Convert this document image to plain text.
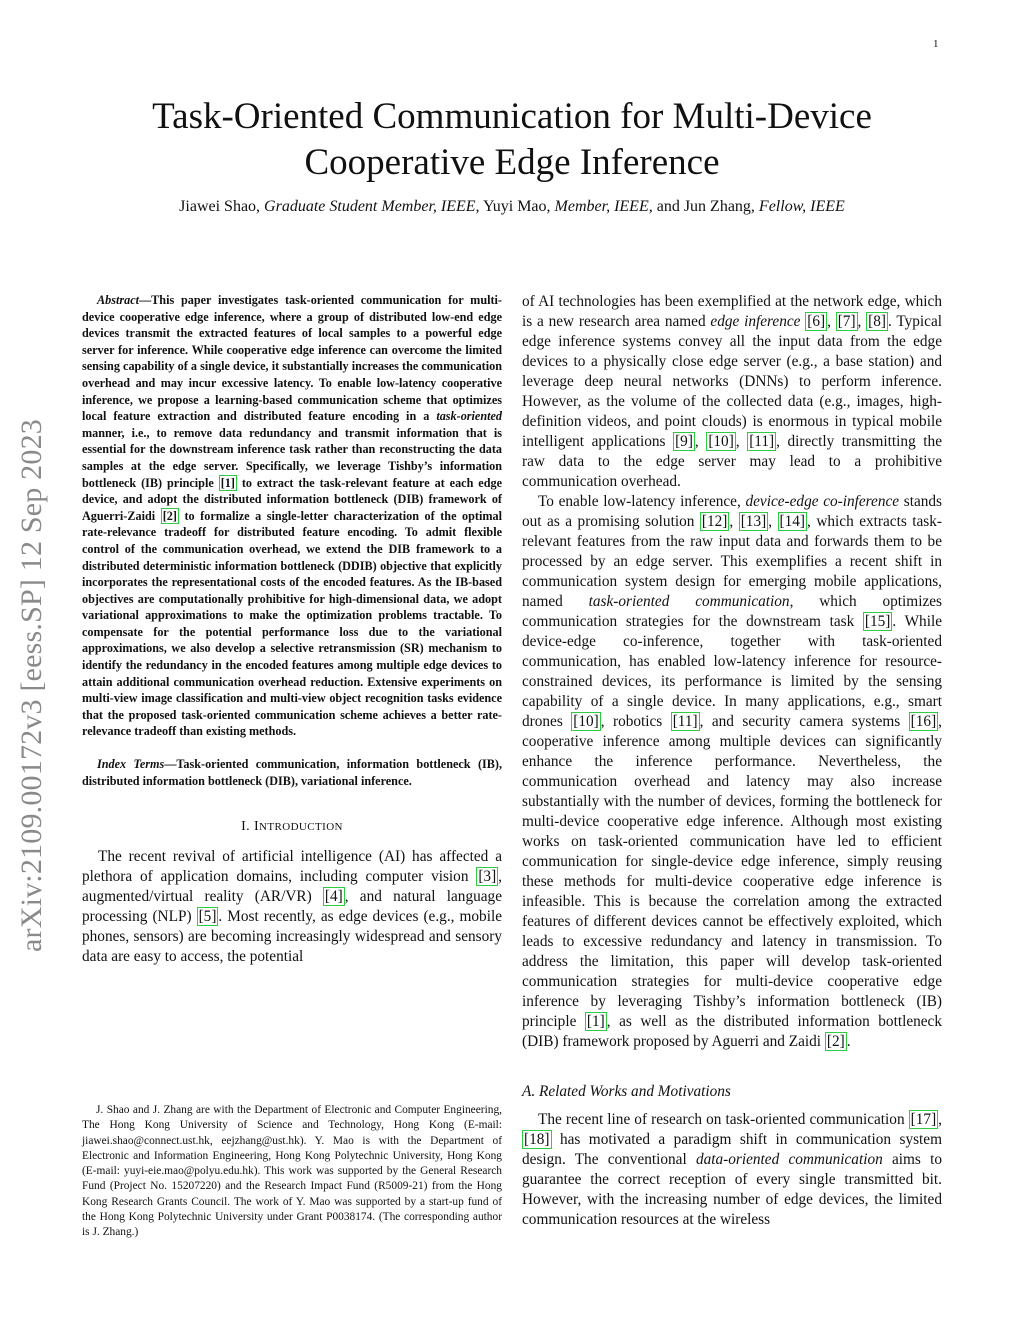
1
arXiv:2109.00172v3 [eess.SP] 12 Sep 2023
Task-Oriented Communication for Multi-Device
Cooperative Edge Inference
Jiawei Shao, Graduate Student Member, IEEE, Yuyi Mao, Member, IEEE, and Jun Zhang, Fellow, IEEE

Abstract—This paper investigates task-oriented communication for multi-device cooperative edge inference, where a group of distributed low-end edge devices transmit the extracted features of local samples to a powerful edge server for inference. While cooperative edge inference can overcome the limited sensing capability of a single device, it substantially increases the communication overhead and may incur excessive latency. To enable low-latency cooperative inference, we propose a learning-based communication scheme that optimizes local feature extraction and distributed feature encoding in a task-oriented manner, i.e., to remove data redundancy and transmit information that is essential for the downstream inference task rather than reconstructing the data samples at the edge server. Specifically, we leverage Tishby’s information bottleneck (IB) principle [1] to extract the task-relevant feature at each edge device, and adopt the distributed information bottleneck (DIB) framework of Aguerri-Zaidi [2] to formalize a single-letter characterization of the optimal rate-relevance tradeoff for distributed feature encoding. To admit flexible control of the communication overhead, we extend the DIB framework to a distributed deterministic information bottleneck (DDIB) objective that explicitly incorporates the representational costs of the encoded features. As the IB-based objectives are computationally prohibitive for high-dimensional data, we adopt variational approximations to make the optimization problems tractable. To compensate for the potential performance loss due to the variational approximations, we also develop a selective retransmission (SR) mechanism to identify the redundancy in the encoded features among multiple edge devices to attain additional communication overhead reduction. Extensive experiments on multi-view image classification and multi-view object recognition tasks evidence that the proposed task-oriented communication scheme achieves a better rate-relevance tradeoff than existing methods.

Index Terms—Task-oriented communication, information bottleneck (IB), distributed information bottleneck (DIB), variational inference.

I. INTRODUCTION

The recent revival of artificial intelligence (AI) has affected a plethora of application domains, including computer vision [3] , augmented/virtual reality (AR/VR) [4] , and natural language processing (NLP) [5] . Most recently, as edge devices (e.g., mobile phones, sensors) are becoming increasingly widespread and sensory data are easy to access, the potential

J. Shao and J. Zhang are with the Department of Electronic and Computer Engineering, The Hong Kong University of Science and Technology, Hong Kong (E-mail: jiawei.shao@connect.ust.hk, eejzhang@ust.hk). Y. Mao is with the Department of Electronic and Information Engineering, Hong Kong Polytechnic University, Hong Kong (E-mail: yuyi-eie.mao@polyu.edu.hk). This work was supported by the General Research Fund (Project No. 15207220) and the Research Impact Fund (R5009-21) from the Hong Kong Research Grants Council. The work of Y. Mao was supported by a start-up fund of the Hong Kong Polytechnic University under Grant P0038174. (The corresponding author is J. Zhang.)

of AI technologies has been exemplified at the network edge, which is a new research area named edge inference [6] , [7] , [8] . Typical edge inference systems convey all the input data from the edge devices to a physically close edge server (e.g., a base station) and leverage deep neural networks (DNNs) to perform inference. However, as the volume of the collected data (e.g., images, high-definition videos, and point clouds) is enormous in typical mobile intelligent applications [9] , [10] , [11] , directly transmitting the raw data to the edge server may lead to a prohibitive communication overhead.

To enable low-latency inference, device-edge co-inference stands out as a promising solution [12] , [13] , [14] , which extracts task-relevant features from the raw input data and forwards them to be processed by an edge server. This exemplifies a recent shift in communication system design for emerging mobile applications, named task-oriented communication, which optimizes communication strategies for the downstream task [15] . While device-edge co-inference, together with task-oriented communication, has enabled low-latency inference for resource-constrained devices, its performance is limited by the sensing capability of a single device. In many applications, e.g., smart drones [10] , robotics [11] , and security camera systems [16] , cooperative inference among multiple devices can significantly enhance the inference performance. Nevertheless, the communication overhead and latency may also increase substantially with the number of devices, forming the bottleneck for multi-device cooperative edge inference. Although most existing works on task-oriented communication have led to efficient communication for single-device edge inference, simply reusing these methods for multi-device cooperative edge inference is infeasible. This is because the correlation among the extracted features of different devices cannot be effectively exploited, which leads to excessive redundancy and latency in transmission. To address the limitation, this paper will develop task-oriented communication strategies for multi-device cooperative edge inference by leveraging Tishby’s information bottleneck (IB) principle [1] , as well as the distributed information bottleneck (DIB) framework proposed by Aguerri and Zaidi [2] .

A. Related Works and Motivations

The recent line of research on task-oriented communication [17] , [18] has motivated a paradigm shift in communication system design. The conventional data-oriented communication aims to guarantee the correct reception of every single transmitted bit. However, with the increasing number of edge devices, the limited communication resources at the wireless
